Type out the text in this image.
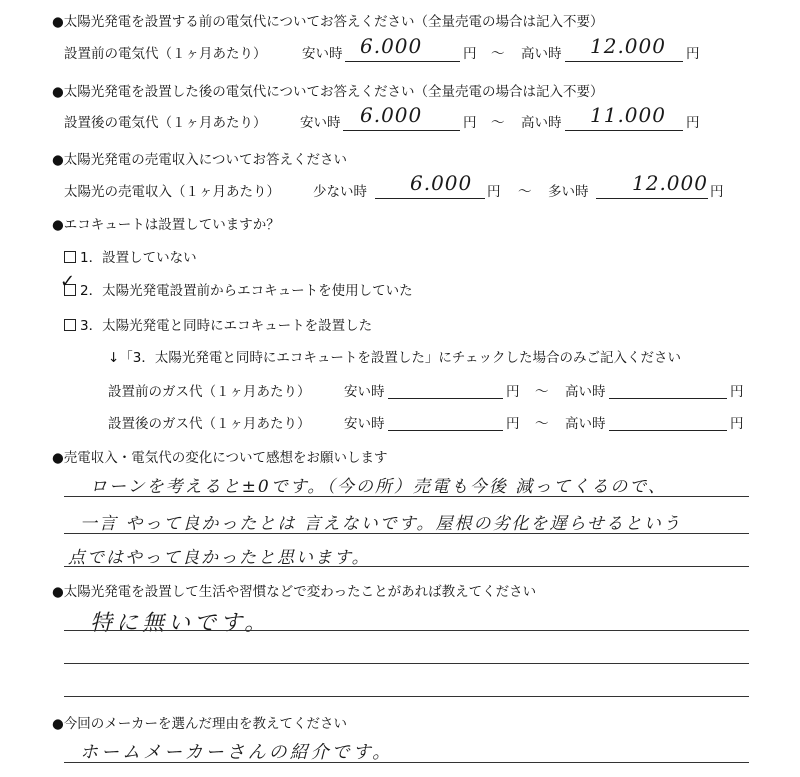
●太陽光発電を設置する前の電気代についてお答えください（全量売電の場合は記入不要）
設置前の電気代（１ヶ月あたり）	安い時 6.000	円 ～ 高い時 12.000 円
●太陽光発電を設置した後の電気代についてお答えください（全量売電の場合は記入不要）
設置後の電気代（１ヶ月あたり） 安い時 6.000	円 ～ 高い時 11.000 円
●太陽光発電の売電収入についてお答えください
太陽光の売電収入（１ヶ月あたり） 少ない時 6.000 円 ～ 多い時 12.000 円
●エコキュートは設置していますか？
1．設置していない
2．太陽光発電設置前からエコキュートを使用していた
✓
3．太陽光発電と同時にエコキュートを設置した
↓「3．太陽光発電と同時にエコキュートを設置した」にチェックした場合のみご記入ください
設置前のガス代（１ヶ月あたり） 安い時	円 ～ 高い時	円
設置後のガス代（１ヶ月あたり） 安い時	円 ～ 高い時	円
●売電収入・電気代の変化について感想をお願いします
ローンを考えると±0です。（今の所）売電も今後 減ってくるので、
一言 やって良かったとは 言えないです。屋根の劣化を遅らせるという
点ではやって良かったと思います。
●太陽光発電を設置して生活や習慣などで変わったことがあれば教えてください
特に無いです。
●今回のメーカーを選んだ理由を教えてください
ホームメーカーさんの紹介です。
